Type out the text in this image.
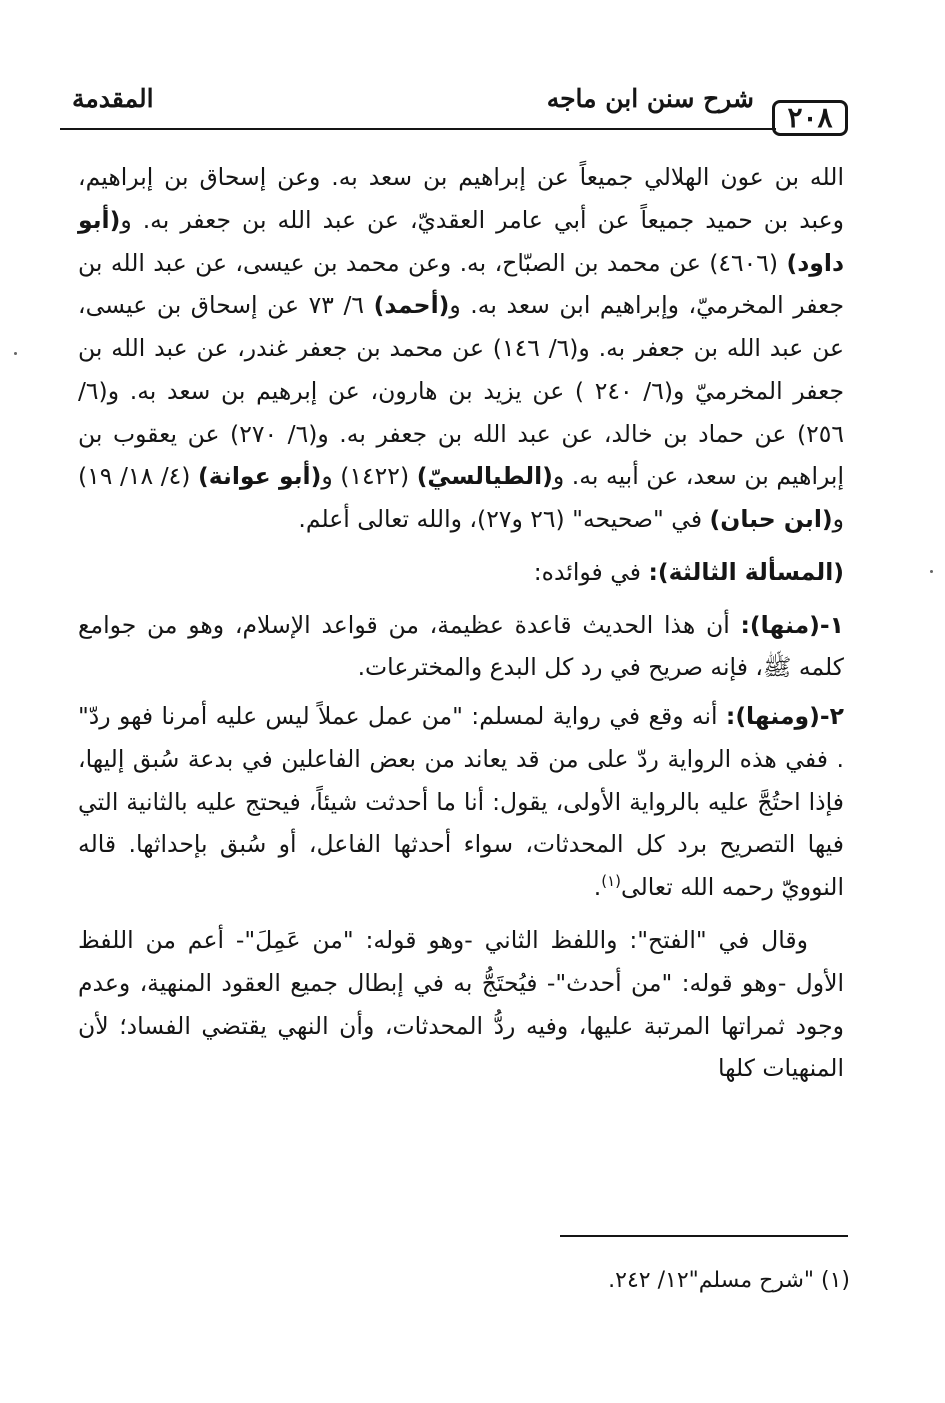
٢٠٨
شرح سنن ابن ماجه
المقدمة

الله بن عون الهلالي جميعاً عن إبراهيم بن سعد به. وعن إسحاق بن إبراهيم، وعبد بن حميد جميعاً عن أبي عامر العقديّ، عن عبد الله بن جعفر به. و(أبو داود) (٤٦٠٦) عن محمد بن الصبّاح، به. وعن محمد بن عيسى، عن عبد الله بن جعفر المخرميّ، وإبراهيم ابن سعد به. و(أحمد) ٦/ ٧٣ عن إسحاق بن عيسى، عن عبد الله بن جعفر به. و(٦/ ١٤٦) عن محمد بن جعفر غندر، عن عبد الله بن جعفر المخرميّ و(٦/ ٢٤٠ ) عن يزيد بن هارون، عن إبرهيم بن سعد به. و(٦/ ٢٥٦) عن حماد بن خالد، عن عبد الله بن جعفر به. و(٦/ ٢٧٠) عن يعقوب بن إبراهيم بن سعد، عن أبيه به. و(الطيالسيّ) (١٤٢٢) و(أبو عوانة) (٤/ ١٨/ ١٩) و(ابن حبان) في "صحيحه" (٢٦ و٢٧)، والله تعالى أعلم.

(المسألة الثالثة): في فوائده:

١-(منها): أن هذا الحديث قاعدة عظيمة، من قواعد الإسلام، وهو من جوامع كلمه ﷺ، فإنه صريح في رد كل البدع والمخترعات.

٢-(ومنها): أنه وقع في رواية لمسلم: "من عمل عملاً ليس عليه أمرنا فهو ردّ" . ففي هذه الرواية ردّ على من قد يعاند من بعض الفاعلين في بدعة سُبق إليها، فإذا احتُجَّ عليه بالرواية الأولى، يقول: أنا ما أحدثت شيئاً، فيحتج عليه بالثانية التي فيها التصريح برد كل المحدثات، سواء أحدثها الفاعل، أو سُبق بإحداثها. قاله النوويّ رحمه الله تعالى$^{(١)}$.

وقال في "الفتح": واللفظ الثاني -وهو قوله: "من عَمِلَ"- أعم من اللفظ الأول -وهو قوله: "من أحدث"- فيُحتَجُّ به في إبطال جميع العقود المنهية، وعدم وجود ثمراتها المرتبة عليها، وفيه ردُّ المحدثات، وأن النهي يقتضي الفساد؛ لأن المنهيات كلها

(١) "شرح مسلم"١٢/ ٢٤٢.
